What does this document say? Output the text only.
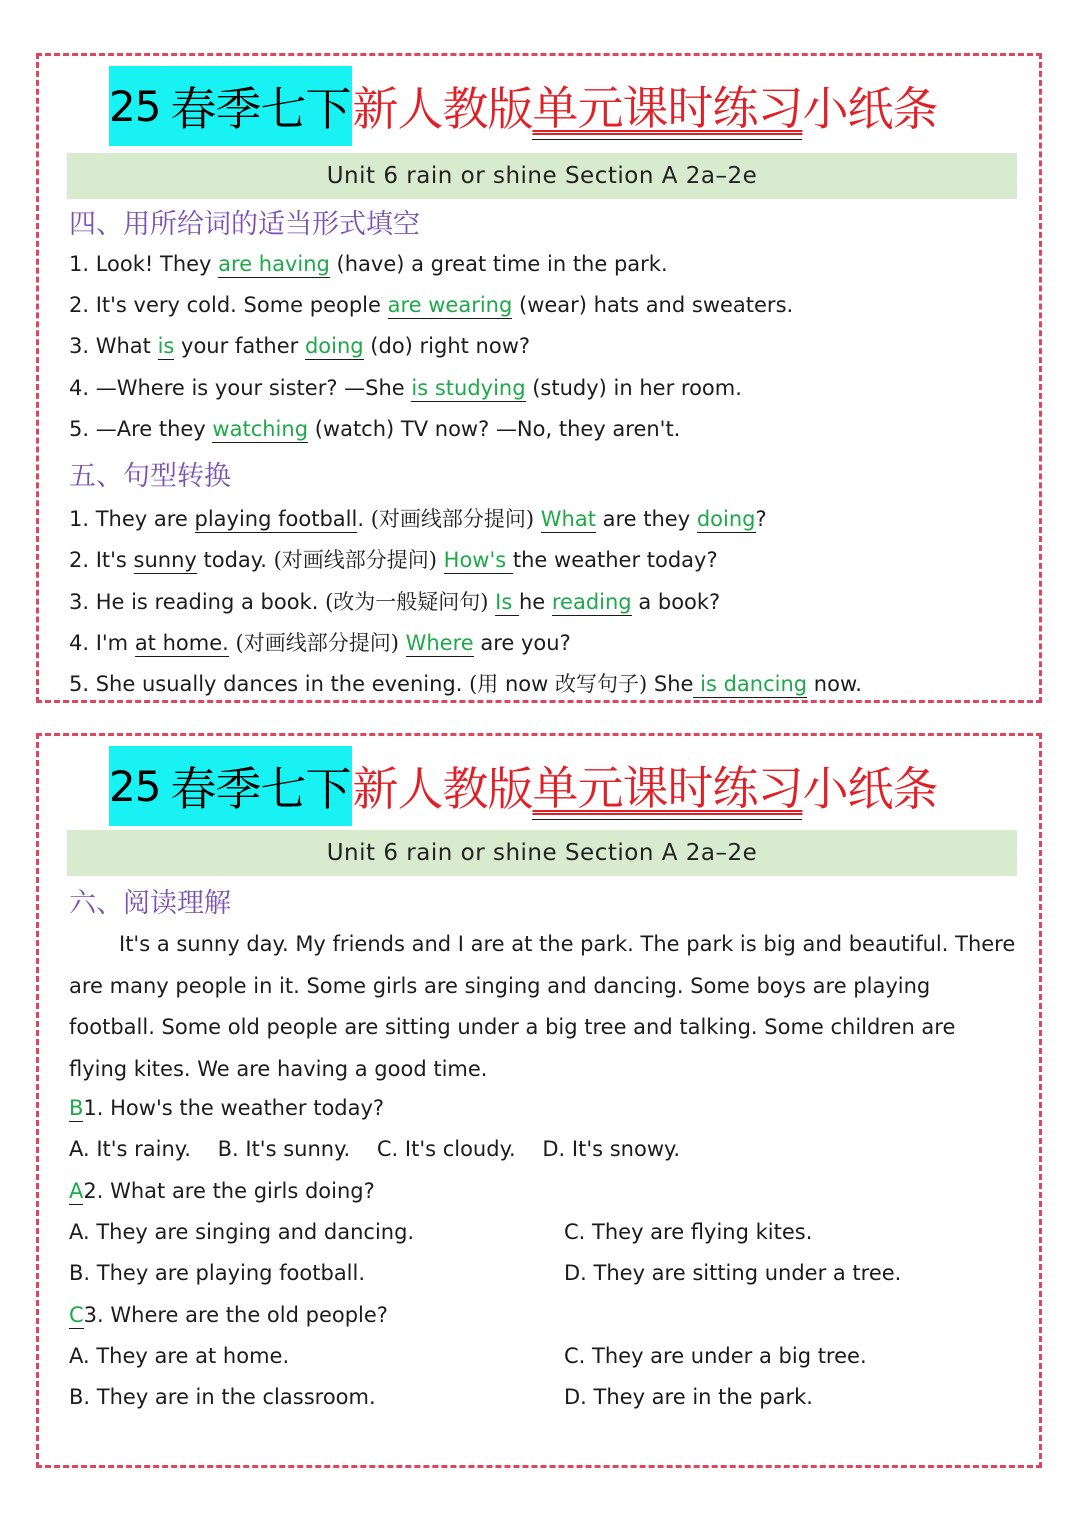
25 春季七下 新人教版 单元课时练习 小纸条
Unit 6 rain or shine Section A 2a–2e
四、用所给词的适当形式填空
1. Look! They are having (have) a great time in the park.
2. It's very cold. Some people are wearing (wear) hats and sweaters.
3. What is your father doing (do) right now?
4. —Where is your sister? —She is studying (study) in her room.
5. —Are they watching (watch) TV now? —No, they aren't.
五、句型转换
1. They are playing football. (对画线部分提问) What are they doing?
2. It's sunny today. (对画线部分提问) How's the weather today?
3. He is reading a book. (改为一般疑问句) Is he reading a book?
4. I'm at home. (对画线部分提问) Where are you?
5. She usually dances in the evening. (用 now 改写句子) She is dancing now.
25 春季七下 新人教版 单元课时练习 小纸条
Unit 6 rain or shine Section A 2a–2e
六、阅读理解
It's a sunny day. My friends and I are at the park. The park is big and beautiful. There are many people in it. Some girls are singing and dancing. Some boys are playing football. Some old people are sitting under a big tree and talking. Some children are flying kites. We are having a good time.
B1. How's the weather today?
A. It's rainy.    B. It's sunny.    C. It's cloudy.    D. It's snowy.
A2. What are the girls doing?
A. They are singing and dancing.	C. They are flying kites.
B. They are playing football.	D. They are sitting under a tree.
C3. Where are the old people?
A. They are at home.	C. They are under a big tree.
B. They are in the classroom.	D. They are in the park.
